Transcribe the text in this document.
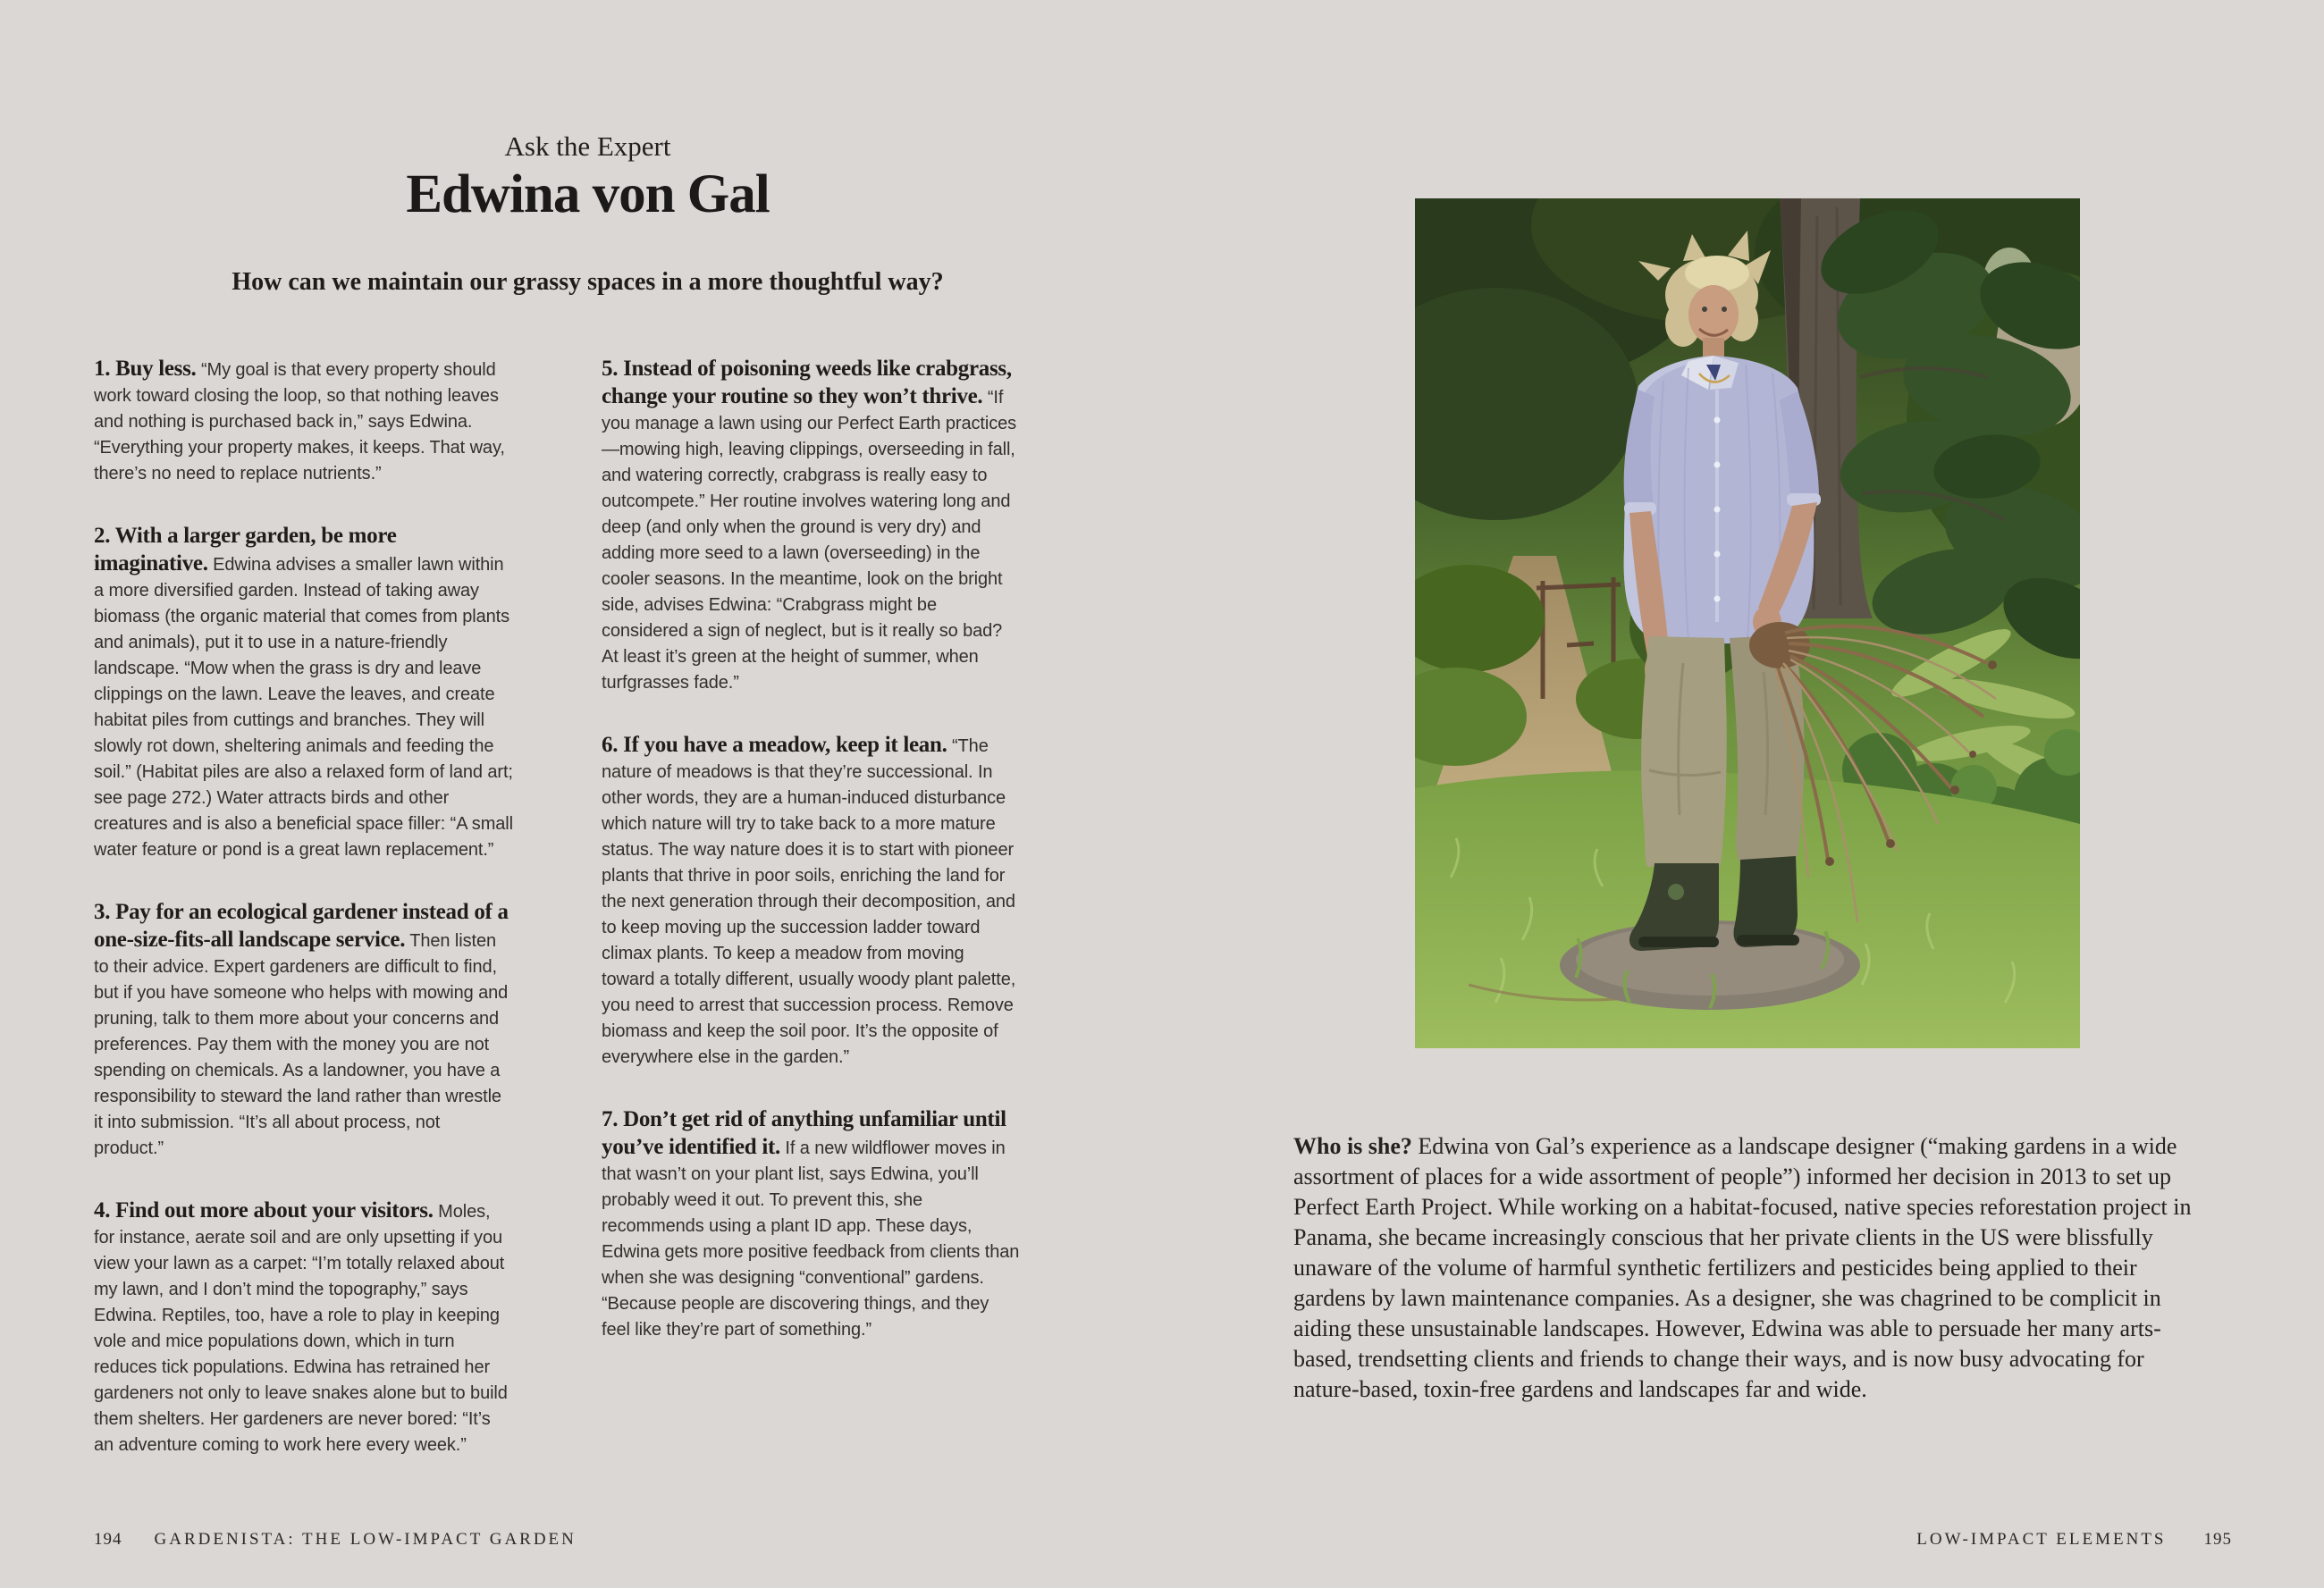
Ask the Expert
Edwina von Gal
How can we maintain our grassy spaces in a more thoughtful way?

1. Buy less. “My goal is that every property should work toward closing the loop, so that nothing leaves and nothing is purchased back in,” says Edwina. “Everything your property makes, it keeps. That way, there’s no need to replace nutrients.”

2. With a larger garden, be more imaginative. Edwina advises a smaller lawn within a more diversified garden. Instead of taking away biomass (the organic material that comes from plants and animals), put it to use in a nature-friendly landscape. “Mow when the grass is dry and leave clippings on the lawn. Leave the leaves, and create habitat piles from cuttings and branches. They will slowly rot down, sheltering animals and feeding the soil.” (Habitat piles are also a relaxed form of land art; see page 272.) Water attracts birds and other creatures and is also a beneficial space filler: “A small water feature or pond is a great lawn replacement.”

3. Pay for an ecological gardener instead of a one-size-fits-all landscape service. Then listen to their advice. Expert gardeners are difficult to find, but if you have someone who helps with mowing and pruning, talk to them more about your concerns and preferences. Pay them with the money you are not spending on chemicals. As a landowner, you have a responsibility to steward the land rather than wrestle it into submission. “It’s all about process, not product.”

4. Find out more about your visitors. Moles, for instance, aerate soil and are only upsetting if you view your lawn as a carpet: “I’m totally relaxed about my lawn, and I don’t mind the topography,” says Edwina. Reptiles, too, have a role to play in keeping vole and mice populations down, which in turn reduces tick populations. Edwina has retrained her gardeners not only to leave snakes alone but to build them shelters. Her gardeners are never bored: “It’s an adventure coming to work here every week.”

5. Instead of poisoning weeds like crabgrass, change your routine so they won’t thrive. “If you manage a lawn using our Perfect Earth practices—mowing high, leaving clippings, overseeding in fall, and watering correctly, crabgrass is really easy to outcompete.” Her routine involves watering long and deep (and only when the ground is very dry) and adding more seed to a lawn (overseeding) in the cooler seasons. In the meantime, look on the bright side, advises Edwina: “Crabgrass might be considered a sign of neglect, but is it really so bad? At least it’s green at the height of summer, when turfgrasses fade.”

6. If you have a meadow, keep it lean. “The nature of meadows is that they’re successional. In other words, they are a human-induced disturbance which nature will try to take back to a more mature status. The way nature does it is to start with pioneer plants that thrive in poor soils, enriching the land for the next generation through their decomposition, and to keep moving up the succession ladder toward climax plants. To keep a meadow from moving toward a totally different, usually woody plant palette, you need to arrest that succession process. Remove biomass and keep the soil poor. It’s the opposite of everywhere else in the garden.”

7. Don’t get rid of anything unfamiliar until you’ve identified it. If a new wildflower moves in that wasn’t on your plant list, says Edwina, you’ll probably weed it out. To prevent this, she recommends using a plant ID app. These days, Edwina gets more positive feedback from clients than when she was designing “conventional” gardens. “Because people are discovering things, and they feel like they’re part of something.”

194 GARDENISTA: THE LOW-IMPACT GARDEN
Who is she? Edwina von Gal’s experience as a landscape designer (“making gardens in a wide assortment of places for a wide assortment of people”) informed her decision in 2013 to set up Perfect Earth Project. While working on a habitat-focused, native species reforestation project in Panama, she became increasingly conscious that her private clients in the US were blissfully unaware of the volume of harmful synthetic fertilizers and pesticides being applied to their gardens by lawn maintenance companies. As a designer, she was chagrined to be complicit in aiding these unsustainable landscapes. However, Edwina was able to persuade her many arts-based, trendsetting clients and friends to change their ways, and is now busy advocating for nature-based, toxin-free gardens and landscapes far and wide.
LOW-IMPACT ELEMENTS 195
